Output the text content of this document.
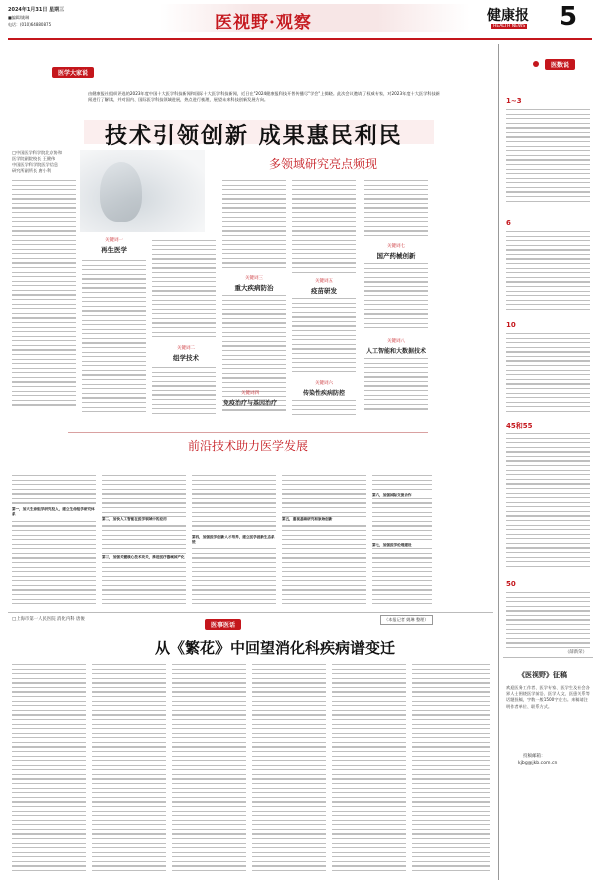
2024年1月31日 星期三
■编辑/姚琳
电话：(010)64880875	医视野·观察	健康报
HEALTH NEWS 5
医学大家说
由健康报社组织评选的2023年度中国十大医学科技新闻和国际十大医学科技新闻，近日在"2024健康报科技开普传播尽"学会"上揭晓。此次会议邀请了权威专家，对2023年度十大医学科技新闻进行了解读，并对国内、国际医学科技领域进展，热点进行梳理，展望未来科技创新发展方向。
技术引领创新 成果惠民利民
□中国医学科学院北京协和
医学院副院校长 王健伟
中国医学科学院医学信息
研究所副所长 唐小利	多领域研究亮点频现
关键词一
再生医学
关键词二
组学技术
关键词三
重大疾病防治
关键词四
免疫治疗与基因治疗
关键词五
疫苗研发
关键词六
传染性疾病防控
关键词七
国产药械创新
关键词八
人工智能和大数据技术
前沿技术助力医学发展
第一，加大生命组学研究投入，建立生命组学研究体系
第二，加快人工智能在医学领域中的应用
第三，加强关键核心技术攻关，推进医疗器械国产化
第四，加强医学创新人才培养，建立医学创新生态系统
第五，重视基础研究和原始创新
第六，加强国际交流合作
第七，加强医学伦理建设
（本报记者 姚琳 整理）
□上海市第一人民医院 消化内科 唐俊
医事医话
从《繁花》中回望消化科疾病谱变迁
医数说
1~3
6
10
45和55
50
（薛新荣）
《医视野》征稿
欢迎医务工作者、医学专家、医学生及社会各界人士围绕医学前沿、医学人文、医患关系等话题投稿，字数一般1500字左右。来稿请注明作者单位、联系方式。
投稿邮箱：
kjbg@jkb.com.cn
